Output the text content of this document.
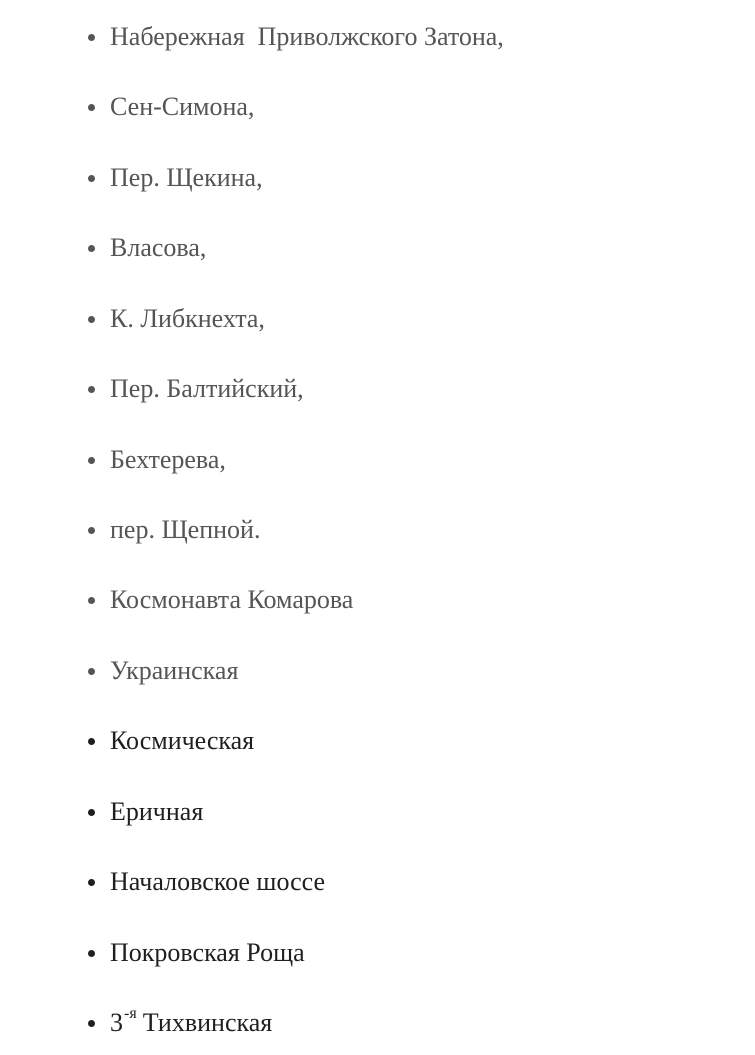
Набережная  Приволжского Затона,
Сен-Симона,
Пер. Щекина,
Власова,
К. Либкнехта,
Пер. Балтийский,
Бехтерева,
пер. Щепной.
Космонавта Комарова
Украинская
Космическая
Еричная
Началовское шоссе
Покровская Роща
3 -я Тихвинская
